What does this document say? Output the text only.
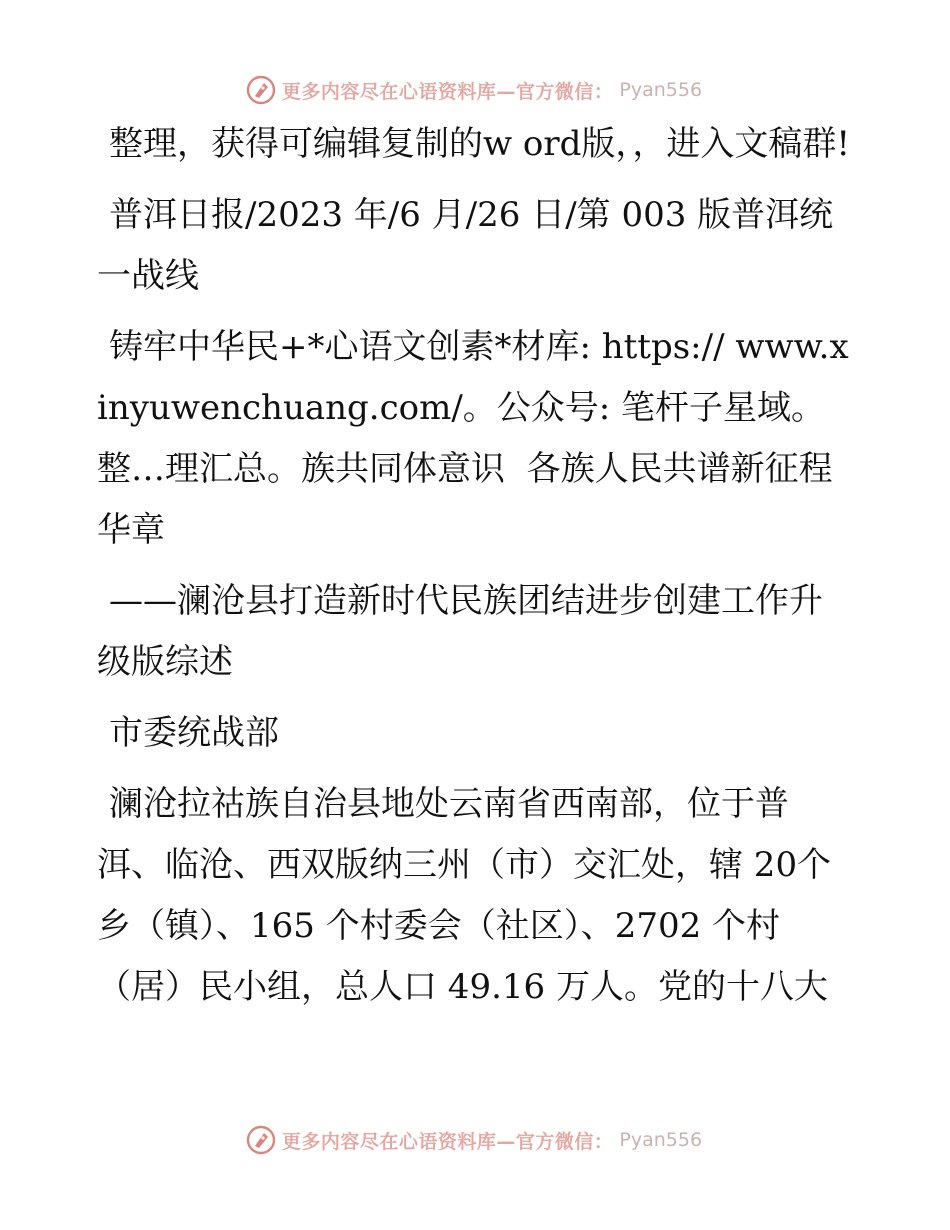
更多内容尽在心语资料库—官方微信： Pyan556

整理，获得可编辑复制的w ord版，，进入文稿群!

普洱日报/2023 年/6 月/26 日/第 003 版普洱统一战线

铸牢中华民+*心语文创素*材库: https:// www.xinyuwenchuang.com/。公众号: 笔杆子星域。整…理汇总。族共同体意识  各族人民共谱新征程华章

——澜沧县打造新时代民族团结进步创建工作升级版综述

市委统战部

澜沧拉祜族自治县地处云南省西南部，位于普洱、临沧、西双版纳三州（市）交汇处，辖 20个乡（镇）、165 个村委会（社区）、2702 个村（居）民小组，总人口 49.16 万人。党的十八大

更多内容尽在心语资料库—官方微信： Pyan556
